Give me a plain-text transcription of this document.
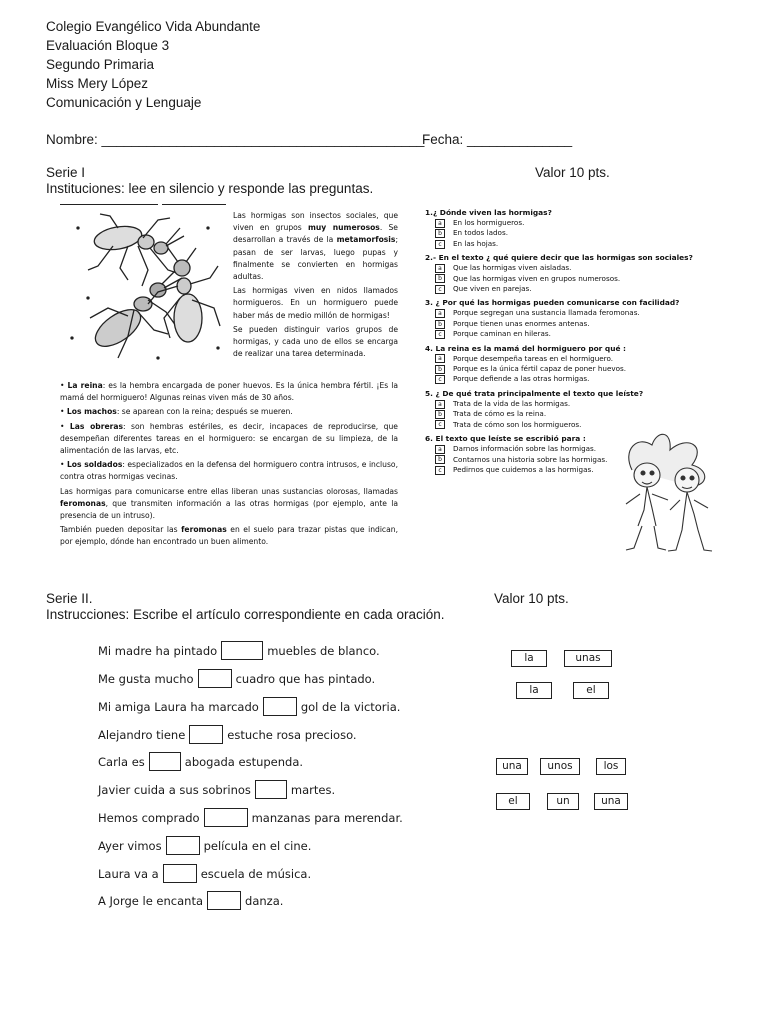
Colegio Evangélico Vida Abundante
Evaluación Bloque 3
Segundo Primaria
Miss Mery López
Comunicación y Lenguaje
Nombre: ___________________________________________
Fecha: ______________
Serie I	Valor 10 pts.
Instituciones: lee en silencio y responde las preguntas.

Las hormigas son insectos sociales, que viven en grupos muy numerosos. Se desarrollan a través de la metamorfosis; pasan de ser larvas, luego pupas y finalmente se convierten en hormigas adultas.

Las hormigas viven en nidos llamados hormigueros. En un hormiguero puede haber más de medio millón de hormigas!

Se pueden distinguir varios grupos de hormigas, y cada uno de ellos se encarga de realizar una tarea determinada.

• La reina: es la hembra encargada de poner huevos. Es la única hembra fértil. ¡Es la mamá del hormiguero! Algunas reinas viven más de 30 años.

• Los machos: se aparean con la reina; después se mueren.

• Las obreras: son hembras estériles, es decir, incapaces de reproducirse, que desempeñan diferentes tareas en el hormiguero: se encargan de su limpieza, de la alimentación de las larvas, etc.

• Los soldados: especializados en la defensa del hormiguero contra intrusos, e incluso, contra otras hormigas vecinas.

Las hormigas para comunicarse entre ellas liberan unas sustancias olorosas, llamadas feromonas, que transmiten información a las otras hormigas (por ejemplo, ante la presencia de un intruso).

También pueden depositar las feromonas en el suelo para trazar pistas que indican, por ejemplo, dónde han encontrado un buen alimento.

1.¿ Dónde viven las hormigas?
a	En los hormigueros.
b	En todos lados.
c	En las hojas.
2.- En el texto ¿ qué quiere decir que las hormigas son sociales?
a	Que las hormigas viven aisladas.
b	Que las hormigas viven en grupos numerosos.
c	Que viven en parejas.
3. ¿ Por qué las hormigas pueden comunicarse con facilidad?
a	Porque segregan una sustancia llamada feromonas.
b	Porque tienen unas enormes antenas.
c	Porque caminan en hileras.
4. La reina es la mamá del hormiguero por qué :
a	Porque desempeña tareas en el hormiguero.
b	Porque es la única fértil capaz de poner huevos.
c	Porque defiende a las otras hormigas.
5. ¿ De qué trata principalmente el texto que leíste?
a	Trata de la vida de las hormigas.
b	Trata de cómo es la reina.
c	Trata de cómo son los hormigueros.
6. El texto que leíste se escribió para :
a	Darnos información sobre las hormigas.
b	Contarnos una historia sobre las hormigas.
c	Pedirnos que cuidemos a las hormigas.
Serie II.	Valor 10 pts.
Instrucciones: Escribe el artículo correspondiente en cada oración.
Mi madre ha pintado	muebles de blanco.
Me gusta mucho	cuadro que has pintado.
Mi amiga Laura ha marcado	gol de la victoria.
Alejandro tiene	estuche rosa precioso.
Carla es	abogada estupenda.
Javier cuida a sus sobrinos	martes.
Hemos comprado	manzanas para merendar.
Ayer vimos	película en el cine.
Laura va a	escuela de música.
A Jorge le encanta	danza.
la	unas
la	el
una	unos	los
el	un	una
